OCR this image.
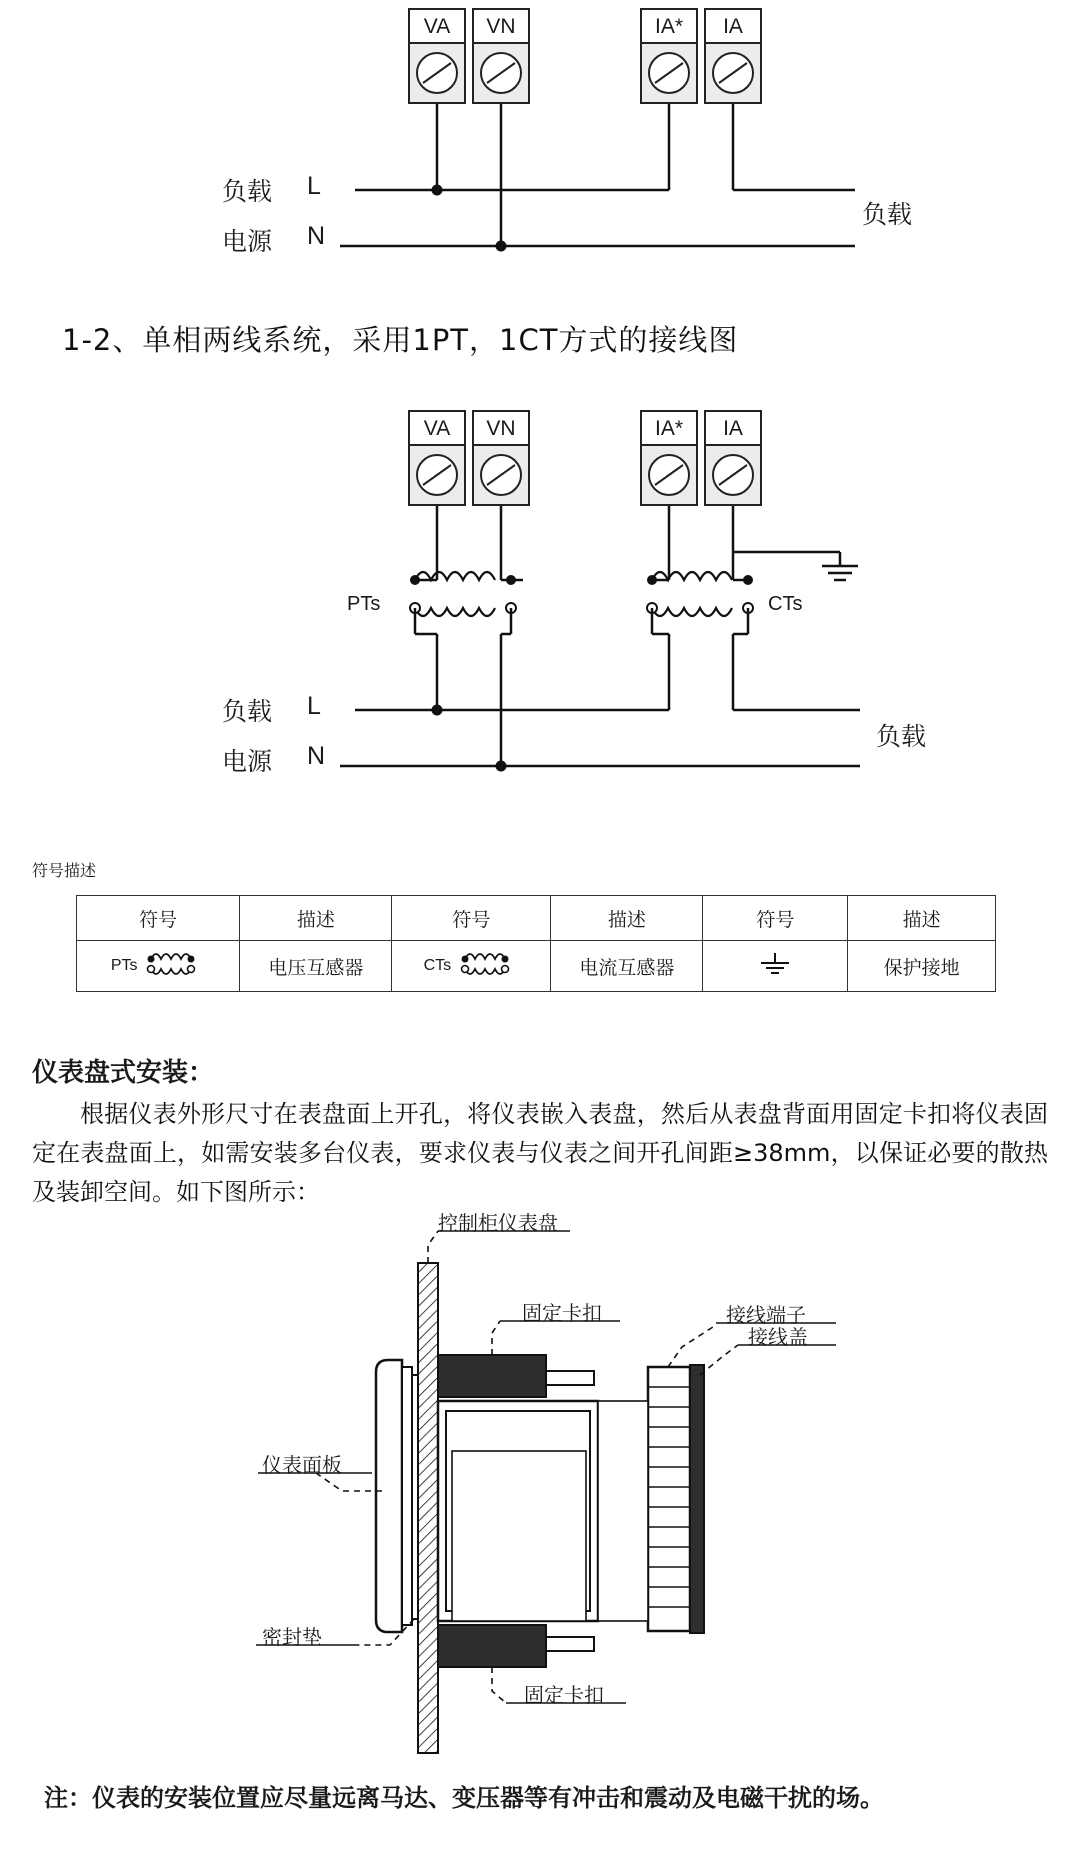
VA	VN	IA*	IA
负载
电源
L
N
负载
1-2、单相两线系统，采用1PT，1CT方式的接线图
VA	VN	IA*	IA
PTs	CTs
负载
电源
L
N
负载
符号描述
符号	描述	符号	描述	符号	描述

PTs	电压互感器	CTs	电流互感器		保护接地
仪表盘式安装：
根据仪表外形尺寸在表盘面上开孔，将仪表嵌入表盘，然后从表盘背面用固定卡扣将仪表固定在表盘面上，如需安装多台仪表，要求仪表与仪表之间开孔间距≥38mm，以保证必要的散热及装卸空间。如下图所示：
控制柜仪表盘
固定卡扣	接线端子
接线盖
仪表面板
密封垫
固定卡扣
注：仪表的安装位置应尽量远离马达、变压器等有冲击和震动及电磁干扰的场。
